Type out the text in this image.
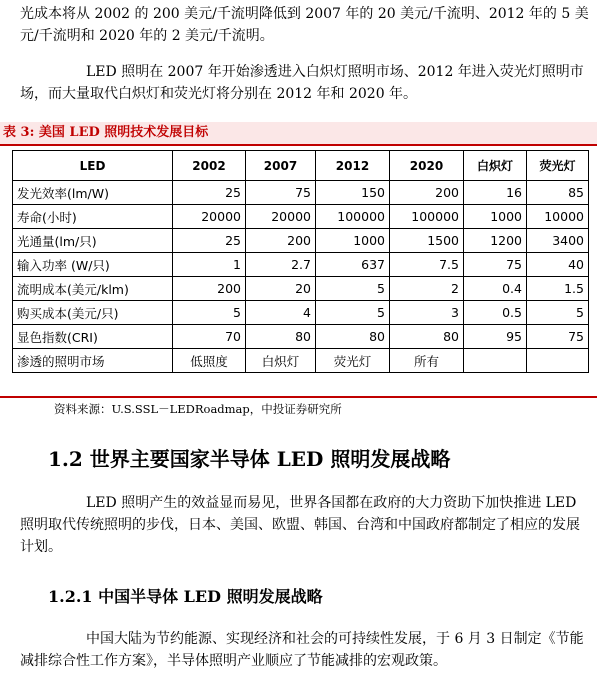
光成本将从 2002 的 200 美元/千流明降低到 2007 年的 20 美元/千流明、2012 年的 5 美元/千流明和 2020 年的 2 美元/千流明。

LED 照明在 2007 年开始渗透进入白炽灯照明市场、2012 年进入荧光灯照明市场，而大量取代白炽灯和荧光灯将分别在 2012 年和 2020 年。

表 3: 美国 LED 照明技术发展目标
LED	2002	2007	2012	2020	白炽灯	荧光灯
发光效率(lm/W)	25	75	150	200	16	85
寿命(小时)	20000	20000	100000	100000	1000	10000
光通量(lm/只)	25	200	1000	1500	1200	3400
输入功率 (W/只)	1	2.7	637	7.5	75	40
流明成本(美元/klm)	200	20	5	2	0.4	1.5
购买成本(美元/只)	5	4	5	3	0.5	5
显色指数(CRI)	70	80	80	80	95	75
渗透的照明市场	低照度	白炽灯	荧光灯	所有		
资料来源：U.S.SSL－LEDRoadmap，中投证券研究所
1.2 世界主要国家半导体 LED 照明发展战略

LED 照明产生的效益显而易见，世界各国都在政府的大力资助下加快推进 LED 照明取代传统照明的步伐，日本、美国、欧盟、韩国、台湾和中国政府都制定了相应的发展计划。

1.2.1 中国半导体 LED 照明发展战略

中国大陆为节约能源、实现经济和社会的可持续性发展，于 6 月 3 日制定《节能减排综合性工作方案》，半导体照明产业顺应了节能减排的宏观政策。
